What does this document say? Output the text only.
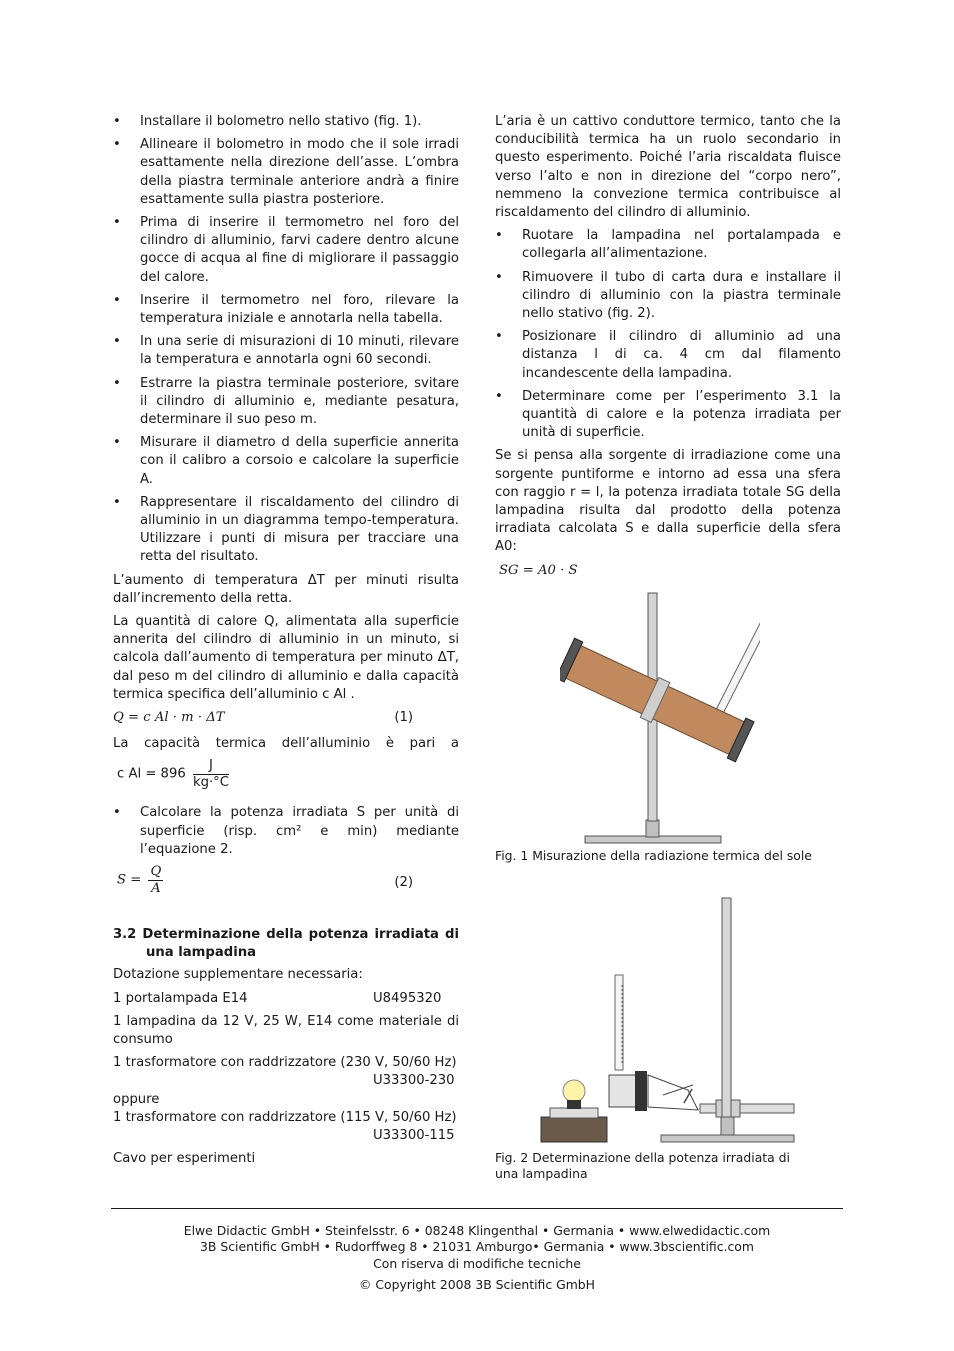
• Installare il bolometro nello stativo (fig. 1).
• Allineare il bolometro in modo che il sole irradi esattamente nella direzione dell’asse. L’ombra della piastra terminale anteriore andrà a finire esattamente sulla piastra posteriore.
• Prima di inserire il termometro nel foro del cilindro di alluminio, farvi cadere dentro alcune gocce di acqua al fine di migliorare il passaggio del calore.
• Inserire il termometro nel foro, rilevare la temperatura iniziale e annotarla nella tabella.
• In una serie di misurazioni di 10 minuti, rilevare la temperatura e annotarla ogni 60 secondi.
• Estrarre la piastra terminale posteriore, svitare il cilindro di alluminio e, mediante pesatura, determinare il suo peso m.
• Misurare il diametro d della superficie annerita con il calibro a corsoio e calcolare la superficie A.
• Rappresentare il riscaldamento del cilindro di alluminio in un diagramma tempo-temperatura. Utilizzare i punti di misura per tracciare una retta del risultato.

L’aumento di temperatura ΔT per minuti risulta dall’incremento della retta.

La quantità di calore Q, alimentata alla superficie annerita del cilindro di alluminio in un minuto, si calcola dall’aumento di temperatura per minuto ΔT, dal peso m del cilindro di alluminio e dalla capacità termica specifica dell’alluminio c Al .

Q = c Al · m · ΔT	(1)

La capacità termica dell’alluminio è pari a

c $Al = 896 \frac{J}{kg\cdot^\circ C}$
• Calcolare la potenza irradiata S per unità di superficie (risp. cm² e min) mediante l’equazione 2.
$S = \frac{Q}{A}$	(2)
3.2 Determinazione della potenza irradiata di una lampadina

Dotazione supplementare necessaria:

1 portalampada E14	U8495320

1 lampadina da 12 V, 25 W, E14 come materiale di consumo

1 trasformatore con raddrizzatore (230 V, 50/60 Hz)
U33300-230

oppure

1 trasformatore con raddrizzatore (115 V, 50/60 Hz)
U33300-115

Cavo per esperimenti

L’aria è un cattivo conduttore termico, tanto che la conducibilità termica ha un ruolo secondario in questo esperimento. Poiché l’aria riscaldata fluisce verso l’alto e non in direzione del “corpo nero”, nemmeno la convezione termica contribuisce al riscaldamento del cilindro di alluminio.

• Ruotare la lampadina nel portalampada e collegarla all’alimentazione.
• Rimuovere il tubo di carta dura e installare il cilindro di alluminio con la piastra terminale nello stativo (fig. 2).
• Posizionare il cilindro di alluminio ad una distanza l di ca. 4 cm dal filamento incandescente della lampadina.
• Determinare come per l’esperimento 3.1 la quantità di calore e la potenza irradiata per unità di superficie.

Se si pensa alla sorgente di irradiazione come una sorgente puntiforme e intorno ad essa una sfera con raggio r = l, la potenza irradiata totale SG della lampadina risulta dal prodotto della potenza irradiata calcolata S e dalla superficie della sfera A0:

SG = A0 · S
Fig. 1 Misurazione della radiazione termica del sole
Fig. 2 Determinazione della potenza irradiata di una lampadina
Elwe Didactic GmbH • Steinfelsstr. 6 • 08248 Klingenthal • Germania • www.elwedidactic.com
3B Scientific GmbH • Rudorffweg 8 • 21031 Amburgo• Germania • www.3bscientific.com
Con riserva di modifiche tecniche
© Copyright 2008 3B Scientific GmbH
